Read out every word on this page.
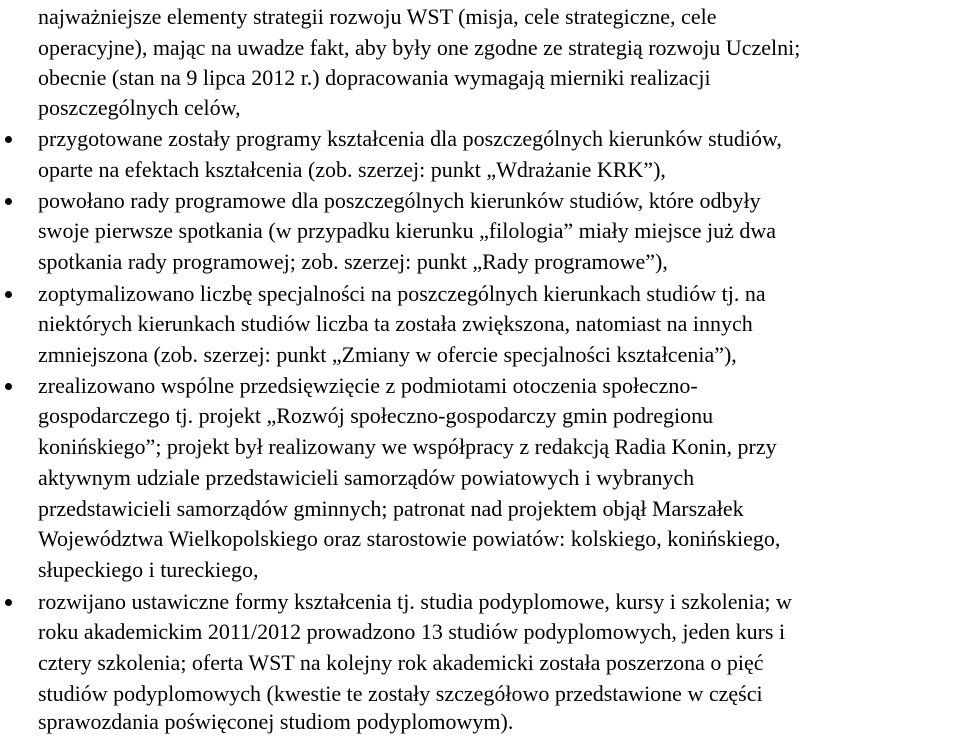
najważniejsze elementy strategii rozwoju WST (misja, cele strategiczne, cele
operacyjne), mając na uwadze fakt, aby były one zgodne ze strategią rozwoju Uczelni;
obecnie (stan na 9 lipca 2012 r.) dopracowania wymagają mierniki realizacji
poszczególnych celów,
przygotowane zostały programy kształcenia dla poszczególnych kierunków studiów,
oparte na efektach kształcenia (zob. szerzej: punkt „Wdrażanie KRK”),
powołano rady programowe dla poszczególnych kierunków studiów, które odbyły
swoje pierwsze spotkania (w przypadku kierunku „filologia” miały miejsce już dwa
spotkania rady programowej; zob. szerzej: punkt „Rady programowe”),
zoptymalizowano liczbę specjalności na poszczególnych kierunkach studiów tj. na
niektórych kierunkach studiów liczba ta została zwiększona, natomiast na innych
zmniejszona (zob. szerzej: punkt „Zmiany w ofercie specjalności kształcenia”),
zrealizowano wspólne przedsięwzięcie z podmiotami otoczenia społeczno-
gospodarczego tj. projekt „Rozwój społeczno-gospodarczy gmin podregionu
konińskiego”; projekt był realizowany we współpracy z redakcją Radia Konin, przy
aktywnym udziale przedstawicieli samorządów powiatowych i wybranych
przedstawicieli samorządów gminnych; patronat nad projektem objął Marszałek
Województwa Wielkopolskiego oraz starostowie powiatów: kolskiego, konińskiego,
słupeckiego i tureckiego,
rozwijano ustawiczne formy kształcenia tj. studia podyplomowe, kursy i szkolenia; w
roku akademickim 2011/2012 prowadzono 13 studiów podyplomowych, jeden kurs i
cztery szkolenia; oferta WST na kolejny rok akademicki została poszerzona o pięć
studiów podyplomowych (kwestie te zostały szczegółowo przedstawione w części
sprawozdania poświęconej studiom podyplomowym).
